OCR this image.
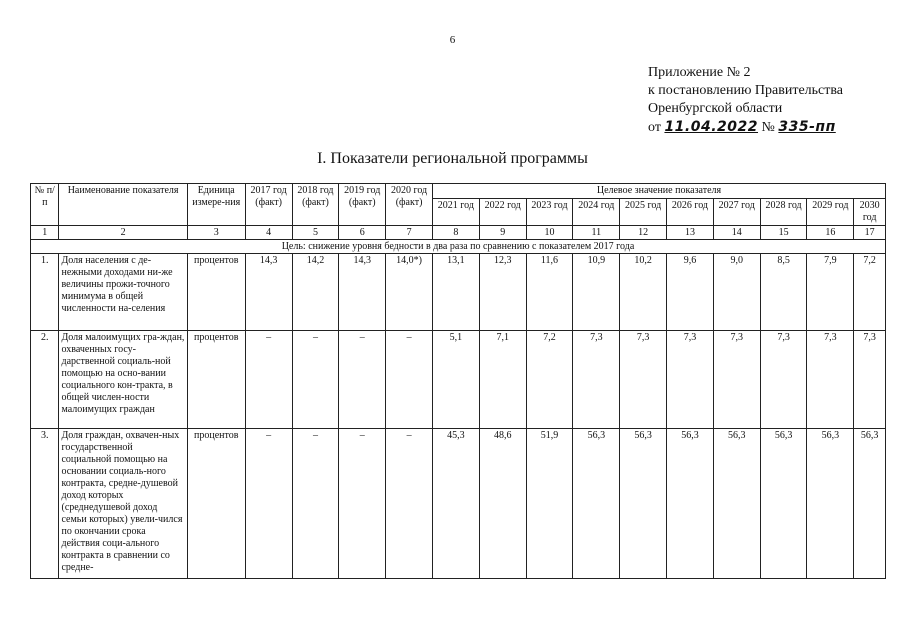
6
Приложение № 2
к постановлению Правительства
Оренбургской области
от 11.04.2022 № 335-пп
I. Показатели региональной программы
№ п/п	Наименование показателя	Единица измере-ния	2017 год (факт)	2018 год (факт)	2019 год (факт)	2020 год (факт)	Целевое значение показателя									
							2021 год	2022 год	2023 год	2024 год	2025 год	2026 год	2027 год	2028 год	2029 год	2030 год
1	2	3	4	5	6	7	8	9	10	11	12	13	14	15	16	17
Цель: снижение уровня бедности в два раза по сравнению с показателем 2017 года																
1.	Доля населения с де-нежными доходами ни-же величины прожи-точного минимума в общей численности на-селения	процентов	14,3	14,2	14,3	14,0*)	13,1	12,3	11,6	10,9	10,2	9,6	9,0	8,5	7,9	7,2
2.	Доля малоимущих гра-ждан, охваченных госу-дарственной социаль-ной помощью на осно-вании социального кон-тракта, в общей числен-ности малоимущих граждан	процентов	–	–	–	–	5,1	7,1	7,2	7,3	7,3	7,3	7,3	7,3	7,3	7,3
3.	Доля граждан, охвачен-ных государственной социальной помощью на основании социаль-ного контракта, средне-душевой доход которых (среднедушевой доход семьи которых) увели-чился по окончании срока действия соци-ального контракта в сравнении со средне-	процентов	–	–	–	–	45,3	48,6	51,9	56,3	56,3	56,3	56,3	56,3	56,3	56,3
